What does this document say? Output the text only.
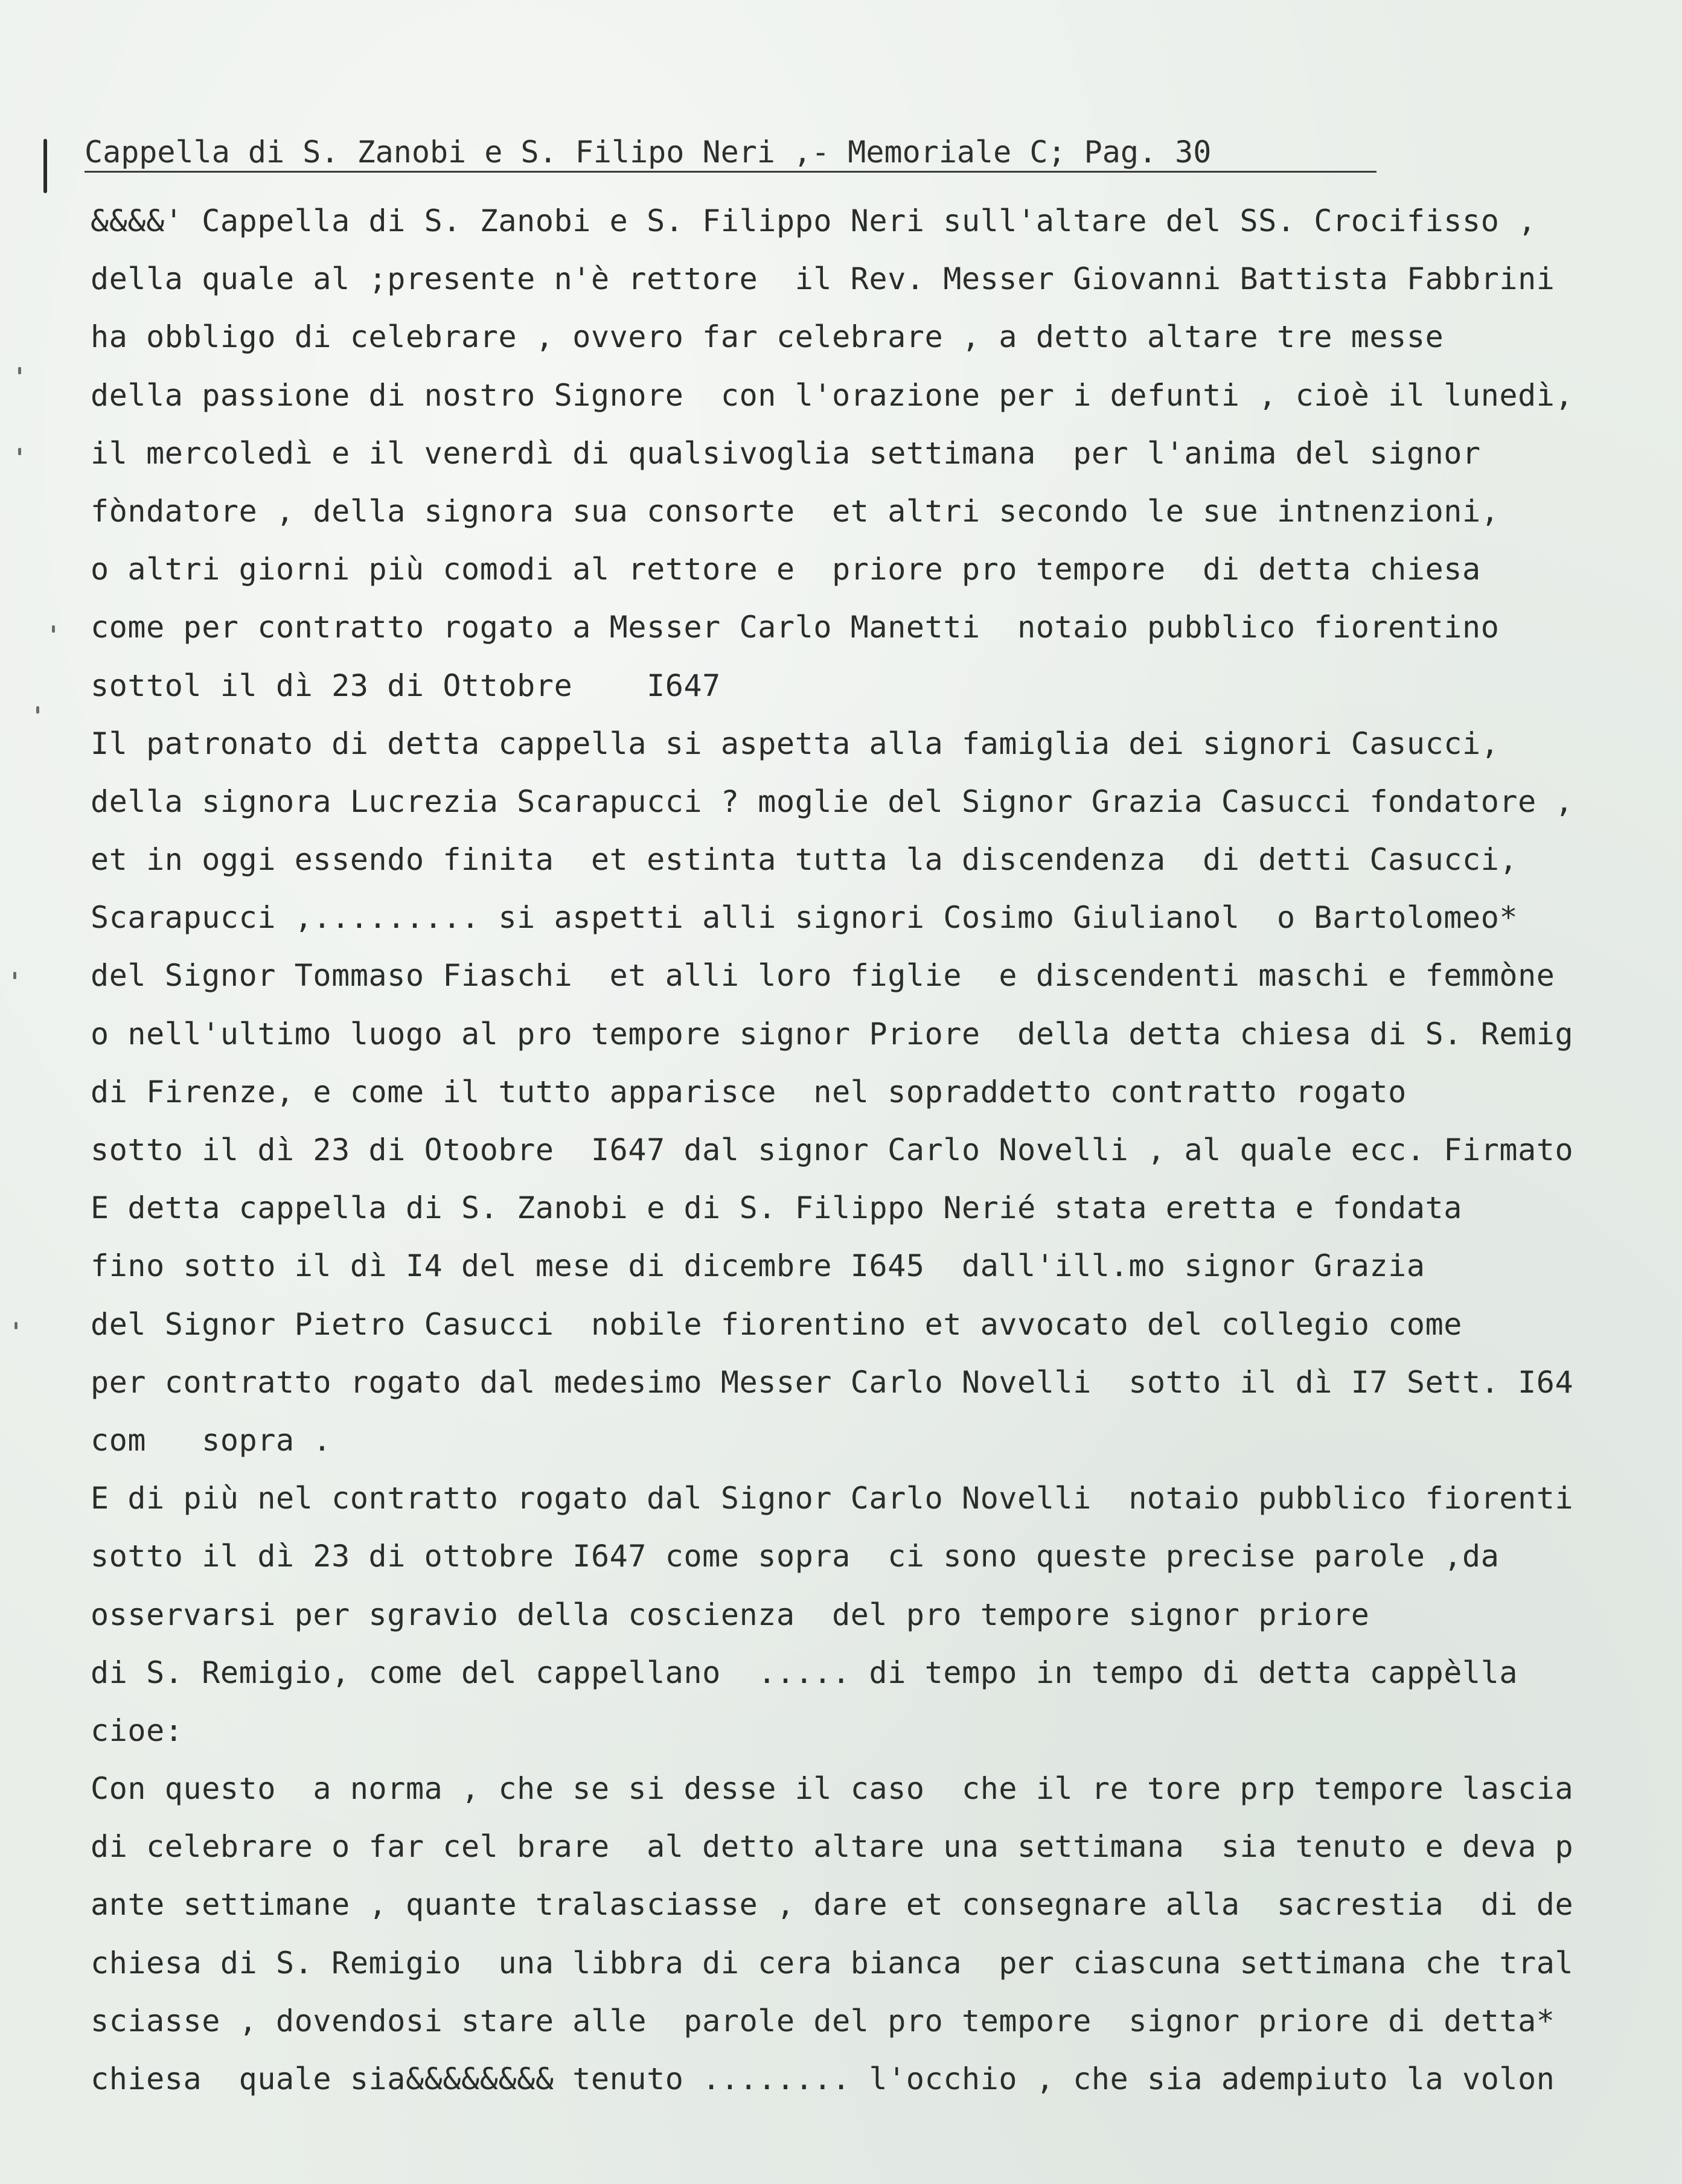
Cappella di S. Zanobi e S. Filipo Neri ,- Memoriale C; Pag. 30
&&&&' Cappella di S. Zanobi e S. Filippo Neri sull'altare del SS. Crocifisso ,
della quale al ;presente n'è rettore  il Rev. Messer Giovanni Battista Fabbrini
ha obbligo di celebrare , ovvero far celebrare , a detto altare tre messe
della passione di nostro Signore  con l'orazione per i defunti , cioè il lunedì,
il mercoledì e il venerdì di qualsivoglia settimana  per l'anima del signor
fòndatore , della signora sua consorte  et altri secondo le sue intnenzioni,
o altri giorni più comodi al rettore e  priore pro tempore  di detta chiesa
come per contratto rogato a Messer Carlo Manetti  notaio pubblico fiorentino
sottol il dì 23 di Ottobre    I647
Il patronato di detta cappella si aspetta alla famiglia dei signori Casucci,
della signora Lucrezia Scarapucci ? moglie del Signor Grazia Casucci fondatore ,
et in oggi essendo finita  et estinta tutta la discendenza  di detti Casucci,
Scarapucci ,......... si aspetti alli signori Cosimo Giulianol  o Bartolomeo*
del Signor Tommaso Fiaschi  et alli loro figlie  e discendenti maschi e femmòne
o nell'ultimo luogo al pro tempore signor Priore  della detta chiesa di S. Remig
di Firenze, e come il tutto apparisce  nel sopraddetto contratto rogato
sotto il dì 23 di Otoobre  I647 dal signor Carlo Novelli , al quale ecc. Firmato
E detta cappella di S. Zanobi e di S. Filippo Nerié stata eretta e fondata
fino sotto il dì I4 del mese di dicembre I645  dall'ill.mo signor Grazia
del Signor Pietro Casucci  nobile fiorentino et avvocato del collegio come
per contratto rogato dal medesimo Messer Carlo Novelli  sotto il dì I7 Sett. I64
com   sopra .
E di più nel contratto rogato dal Signor Carlo Novelli  notaio pubblico fiorenti
sotto il dì 23 di ottobre I647 come sopra  ci sono queste precise parole ,da
osservarsi per sgravio della coscienza  del pro tempore signor priore
di S. Remigio, come del cappellano  ..... di tempo in tempo di detta cappèlla
cioe:
Con questo  a norma , che se si desse il caso  che il re tore prp tempore lascia
di celebrare o far cel brare  al detto altare una settimana  sia tenuto e deva p
ante settimane , quante tralasciasse , dare et consegnare alla  sacrestia  di de
chiesa di S. Remigio  una libbra di cera bianca  per ciascuna settimana che tral
sciasse , dovendosi stare alle  parole del pro tempore  signor priore di detta*
chiesa  quale sia&&&&&&&& tenuto ........ l'occhio , che sia adempiuto la volon
